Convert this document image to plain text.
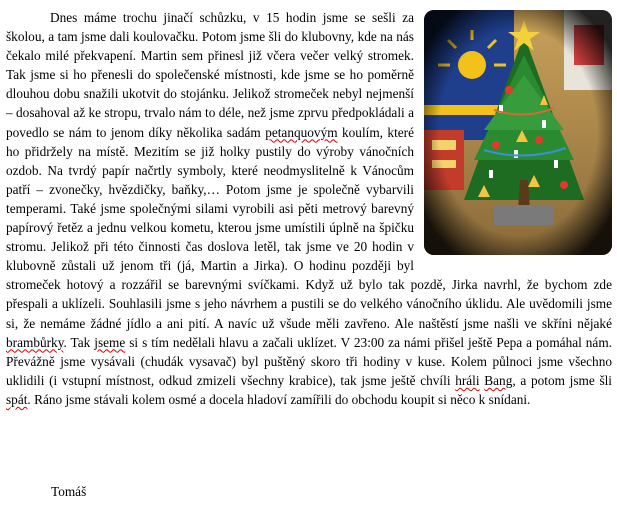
Dnes máme trochu jinačí schůzku, v 15 hodin jsme se sešli za školou, a tam jsme dali koulovačku. Potom jsme šli do klubovny, kde na nás čekalo milé překvapení. Martin sem přinesl již včera večer velký stromek. Tak jsme si ho přenesli do společenské místnosti, kde jsme se ho poměrně dlouhou dobu snažili ukotvit do stojánku. Jelikož stromeček nebyl nejmenší – dosahoval až ke stropu, trvalo nám to déle, než jsme zprvu předpokládali a povedlo se nám to jenom díky několika sadám petanquovým koulím, které ho přidržely na místě. Mezitím se již holky pustily do výroby vánočních ozdob. Na tvrdý papír načrtly symboly, které neodmyslitelně k Vánocům patří – zvonečky, hvězdičky, baňky,… Potom jsme je společně vybarvili temperami. Také jsme společnými silami vyrobili asi pěti metrový barevný papírový řetěz a jednu velkou kometu, kterou jsme umístili úplně na špičku stromu. Jelikož při této činnosti čas doslova letěl, tak jsme ve 20 hodin v klubovně zůstali už jenom tři (já, Martin a Jirka). O hodinu později byl stromeček hotový a rozzářil se barevnými svíčkami. Když už bylo tak pozdě, Jirka navrhl, že bychom zde přespali a uklízeli. Souhlasili jsme s jeho návrhem a pustili se do velkého vánočního úklidu. Ale uvědomili jsme si, že nemáme žádné jídlo a ani pití. A navíc už všude měli zavřeno. Ale naštěstí jsme našli ve skříni nějaké brambůrky. Tak jseme si s tím nedělali hlavu a začali uklízet. V 23:00 za námi přišel ještě Pepa a pomáhal nám. Převážně jsme vysávali (chudák vysavač) byl puštěný skoro tři hodiny v kuse. Kolem půlnoci jsme všechno uklidili (i vstupní místnost, odkud zmizeli všechny krabice), tak jsme ještě chvíli hráli Bang, a potom jsme šli spát. Ráno jsme stávali kolem osmé a docela hladoví zamířili do obchodu koupit si něco k snídani.

Tomáš
